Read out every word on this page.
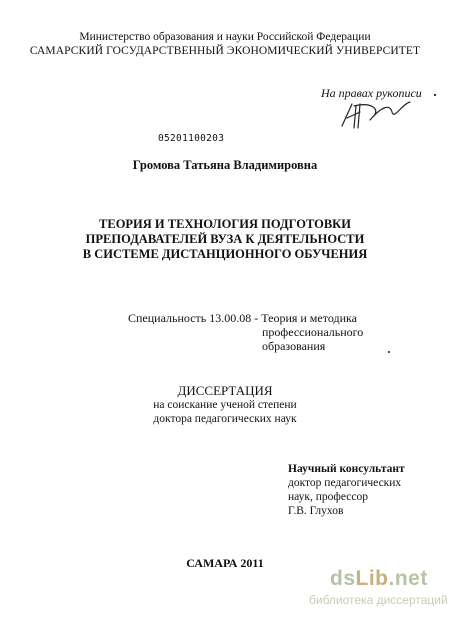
Министерство образования и науки Российской Федерации
САМАРСКИЙ ГОСУДАРСТВЕННЫЙ ЭКОНОМИЧЕСКИЙ УНИВЕРСИТЕТ
На правах рукописи
05201100203
Громова Татьяна Владимировна
ТЕОРИЯ И ТЕХНОЛОГИЯ ПОДГОТОВКИ
ПРЕПОДАВАТЕЛЕЙ ВУЗА К ДЕЯТЕЛЬНОСТИ
В СИСТЕМЕ ДИСТАНЦИОННОГО ОБУЧЕНИЯ
Специальность 13.00.08 - Теория и методика
профессионального
образования
ДИССЕРТАЦИЯ
на соискание ученой степени
доктора педагогических наук
Научный консультант
доктор педагогических
наук, профессор
Г.В. Глухов
САМАРА 2011
dsLib.net
библиотека диссертаций
